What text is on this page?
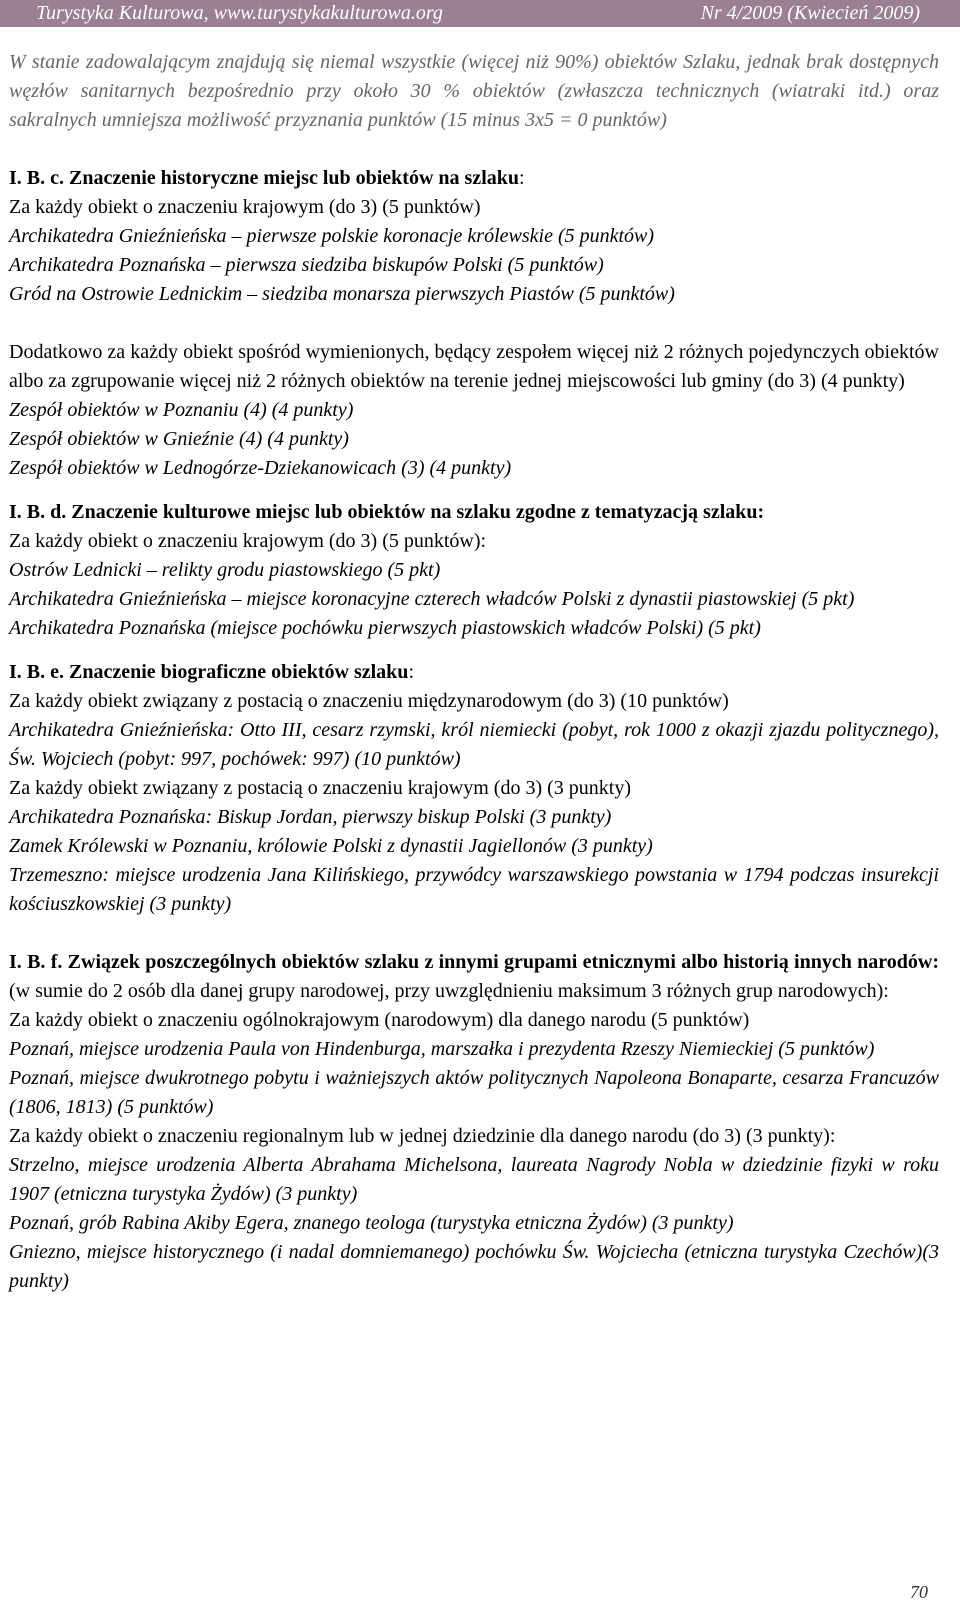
Turystyka Kulturowa, www.turystykakulturowa.org	Nr 4/2009 (Kwiecień 2009)

W stanie zadowalającym znajdują się niemal wszystkie (więcej niż 90%) obiektów Szlaku, jednak brak dostępnych węzłów sanitarnych bezpośrednio przy około 30 % obiektów (zwłaszcza technicznych (wiatraki itd.) oraz sakralnych umniejsza możliwość przyznania punktów (15 minus 3x5 = 0 punktów)

I. B. c. Znaczenie historyczne miejsc lub obiektów na szlaku:

Za każdy obiekt o znaczeniu krajowym (do 3) (5 punktów)

Archikatedra Gnieźnieńska – pierwsze polskie koronacje królewskie (5 punktów)

Archikatedra Poznańska – pierwsza siedziba biskupów Polski (5 punktów)

Gród na Ostrowie Lednickim – siedziba monarsza pierwszych Piastów (5 punktów)

Dodatkowo za każdy obiekt spośród wymienionych, będący zespołem więcej niż 2 różnych pojedynczych obiektów albo za zgrupowanie więcej niż 2 różnych obiektów na terenie jednej miejscowości lub gminy (do 3) (4 punkty)

Zespół obiektów w Poznaniu (4) (4 punkty)

Zespół obiektów w Gnieźnie (4) (4 punkty)

Zespół obiektów w Lednogórze-Dziekanowicach (3) (4 punkty)

I. B. d. Znaczenie kulturowe miejsc lub obiektów na szlaku zgodne z tematyzacją szlaku:

Za każdy obiekt o znaczeniu krajowym (do 3) (5 punktów):

Ostrów Lednicki – relikty grodu piastowskiego (5 pkt)

Archikatedra Gnieźnieńska – miejsce koronacyjne czterech władców Polski z dynastii piastowskiej (5 pkt)

Archikatedra Poznańska (miejsce pochówku pierwszych piastowskich władców Polski) (5 pkt)

I. B. e. Znaczenie biograficzne obiektów szlaku:

Za każdy obiekt związany z postacią o znaczeniu międzynarodowym (do 3) (10 punktów)

Archikatedra Gnieźnieńska: Otto III, cesarz rzymski, król niemiecki (pobyt, rok 1000 z okazji zjazdu politycznego), Św. Wojciech (pobyt: 997, pochówek: 997) (10 punktów)

Za każdy obiekt związany z postacią o znaczeniu krajowym (do 3) (3 punkty)

Archikatedra Poznańska: Biskup Jordan, pierwszy biskup Polski (3 punkty)

Zamek Królewski w Poznaniu, królowie Polski z dynastii Jagiellonów (3 punkty)

Trzemeszno: miejsce urodzenia Jana Kilińskiego, przywódcy warszawskiego powstania w 1794 podczas insurekcji kościuszkowskiej (3 punkty)

I. B. f. Związek poszczególnych obiektów szlaku z innymi grupami etnicznymi albo historią innych narodów: (w sumie do 2 osób dla danej grupy narodowej, przy uwzględnieniu maksimum 3 różnych grup narodowych):

Za każdy obiekt o znaczeniu ogólnokrajowym (narodowym) dla danego narodu (5 punktów)

Poznań, miejsce urodzenia Paula von Hindenburga, marszałka i prezydenta Rzeszy Niemieckiej (5 punktów)

Poznań, miejsce dwukrotnego pobytu i ważniejszych aktów politycznych Napoleona Bonaparte, cesarza Francuzów (1806, 1813) (5 punktów)

Za każdy obiekt o znaczeniu regionalnym lub w jednej dziedzinie dla danego narodu (do 3) (3 punkty):

Strzelno, miejsce urodzenia Alberta Abrahama Michelsona, laureata Nagrody Nobla w dziedzinie fizyki w roku 1907 (etniczna turystyka Żydów) (3 punkty)

Poznań, grób Rabina Akiby Egera, znanego teologa (turystyka etniczna Żydów) (3 punkty)

Gniezno, miejsce historycznego (i nadal domniemanego) pochówku Św. Wojciecha (etniczna turystyka Czechów)(3 punkty)

70
